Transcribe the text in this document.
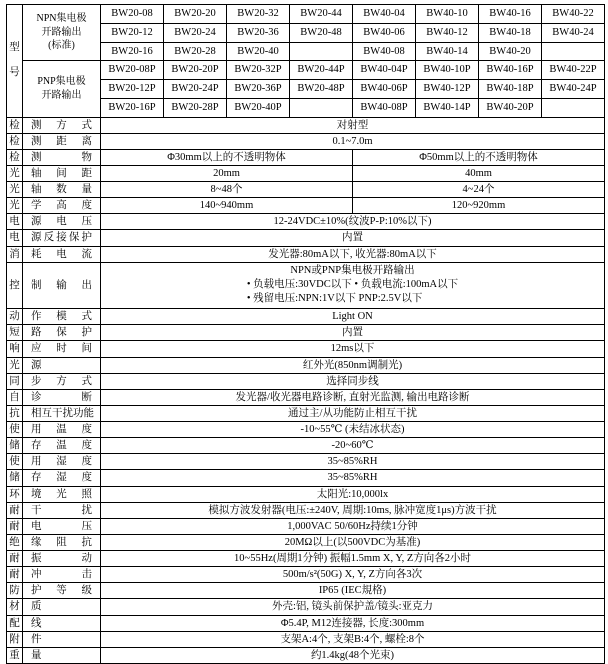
型

号

NPN集电极
开路输出
(标准)
	BW20-08	BW20-20	BW20-32	BW20-44	BW40-04	BW40-10	BW40-16	BW40-22
		BW20-12	BW20-24	BW20-36	BW20-48	BW40-06	BW40-12	BW40-18	BW40-24
		BW20-16	BW20-28	BW20-40		BW40-08	BW40-14	BW40-20	

	PNP集电极
开路输出	BW20-08P	BW20-20P	BW20-32P	BW20-44P	BW40-04P	BW40-10P	BW40-16P	BW40-22P
		BW20-12P	BW20-24P	BW20-36P	BW20-48P	BW40-06P	BW40-12P	BW40-18P	BW40-24P
		BW20-16P	BW20-28P	BW20-40P		BW40-08P	BW40-14P	BW40-20P	
检	测 方 式	对射型							
检	测 距 离	0.1~7.0m							
检	测 物	Φ30mm以上的不透明物体				Φ50mm以上的不透明物体			
光	轴 间 距	20mm				40mm			
光	轴 数 量	8~48个				4~24个			
光	学 高 度	140~940mm				120~920mm			
电	源 电 压	12-24VDC±10%(纹波P-P:10%以下)							
电	源 反 接 保 护	内置							
消	耗 电 流	发光器:80mA以下, 收光器:80mA以下							
控	制 输 出

NPN或PNP集电极开路输出
• 负载电压:30VDC以下 • 负载电流:100mA以下
• 残留电压:NPN:1V以下 PNP:2.5V以下

动	作 模 式	Light ON							
短	路 保 护	内置							
响	应 时 间	12ms以下							
光	源	红外光(850nm调制光)							
同	步 方 式	选择同步线							
自	诊 断	发光器/收光器电路诊断, 直射光监测, 输出电路诊断							
抗	相 互 干 扰 功 能	通过主/从功能防止相互干扰
使	用 温 度	-10~55℃ (未结冰状态)							
储	存 温 度	-20~60℃							
使	用 湿 度	35~85%RH							
储	存 湿 度	35~85%RH							
环	境 光 照	太阳光:10,000lx							
耐	干 扰	模拟方波发射器(电压:±240V, 周期:10ms, 脉冲宽度1μs)方波干扰							
耐	电 压	1,000VAC 50/60Hz持续1分钟							
绝	缘 阻 抗	20MΩ以上(以500VDC为基准)							
耐	振 动	10~55Hz(周期1分钟) 振幅1.5mm X, Y, Z方向各2小时							
耐	冲 击	500m/s²(50G) X, Y, Z方向各3次							
防	护 等 级	IP65 (IEC規格)							
材	质	外壳:铝, 镜头前保护盖/镜头:亚克力							
配	线	Φ5.4P, M12连接器, 长度:300mm							
附	件	支架A:4个, 支架B:4个, 螺栓:8个							
重	量	约1.4kg(48个光束)							
